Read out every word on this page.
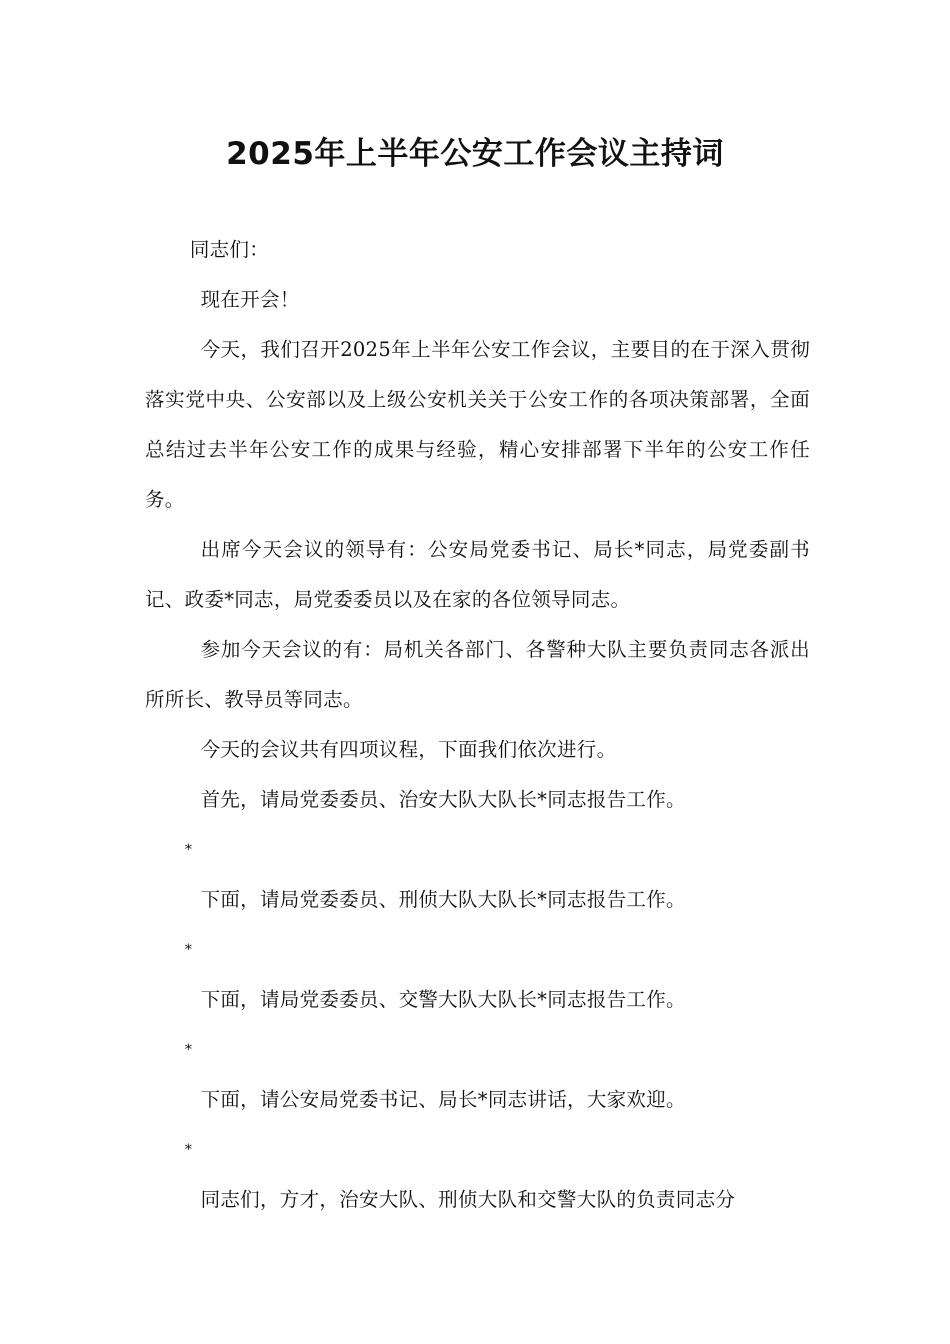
2025年上半年公安工作会议主持词

同志们：

现在开会！

今天，我们召开2025年上半年公安工作会议，主要目的在于深入贯彻落实党中央、公安部以及上级公安机关关于公安工作的各项决策部署，全面总结过去半年公安工作的成果与经验，精心安排部署下半年的公安工作任务。

出席今天会议的领导有：公安局党委书记、局长*同志，局党委副书记、政委*同志，局党委委员以及在家的各位领导同志。

参加今天会议的有：局机关各部门、各警种大队主要负责同志各派出所所长、教导员等同志。

今天的会议共有四项议程，下面我们依次进行。

首先，请局党委委员、治安大队大队长*同志报告工作。

*

下面，请局党委委员、刑侦大队大队长*同志报告工作。

*

下面，请局党委委员、交警大队大队长*同志报告工作。

*

下面，请公安局党委书记、局长*同志讲话，大家欢迎。

*

同志们，方才，治安大队、刑侦大队和交警大队的负责同志分
